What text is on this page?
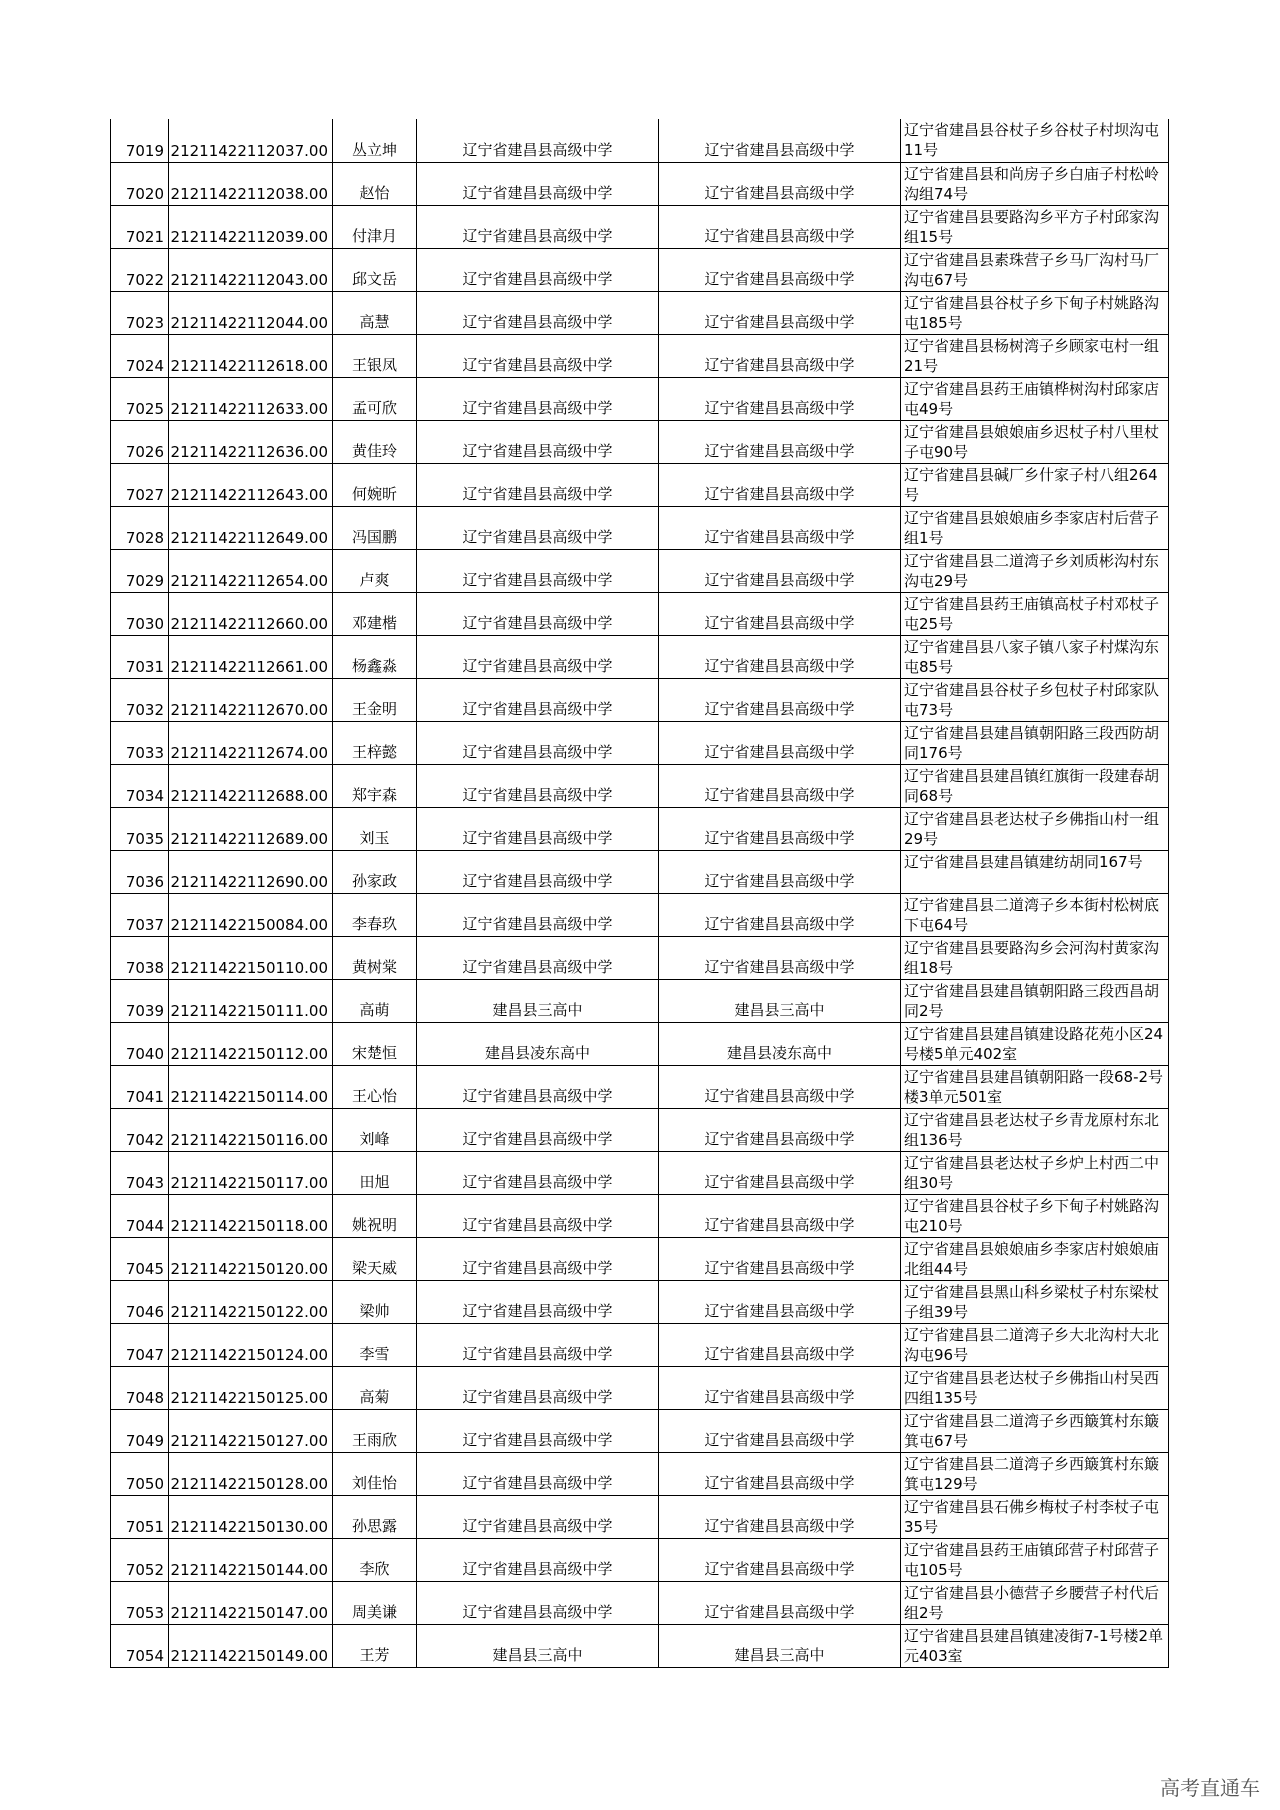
7019	21211422112037.00	丛立坤	辽宁省建昌县高级中学	辽宁省建昌县高级中学	辽宁省建昌县谷杖子乡谷杖子村坝沟屯11号
7020	21211422112038.00	赵怡	辽宁省建昌县高级中学	辽宁省建昌县高级中学	辽宁省建昌县和尚房子乡白庙子村松岭沟组74号
7021	21211422112039.00	付津月	辽宁省建昌县高级中学	辽宁省建昌县高级中学	辽宁省建昌县要路沟乡平方子村邱家沟组15号
7022	21211422112043.00	邱文岳	辽宁省建昌县高级中学	辽宁省建昌县高级中学	辽宁省建昌县素珠营子乡马厂沟村马厂沟屯67号
7023	21211422112044.00	高慧	辽宁省建昌县高级中学	辽宁省建昌县高级中学	辽宁省建昌县谷杖子乡下甸子村姚路沟屯185号
7024	21211422112618.00	王银凤	辽宁省建昌县高级中学	辽宁省建昌县高级中学	辽宁省建昌县杨树湾子乡顾家屯村一组21号
7025	21211422112633.00	孟可欣	辽宁省建昌县高级中学	辽宁省建昌县高级中学	辽宁省建昌县药王庙镇桦树沟村邱家店屯49号
7026	21211422112636.00	黄佳玲	辽宁省建昌县高级中学	辽宁省建昌县高级中学	辽宁省建昌县娘娘庙乡迟杖子村八里杖子屯90号
7027	21211422112643.00	何婉昕	辽宁省建昌县高级中学	辽宁省建昌县高级中学	辽宁省建昌县碱厂乡什家子村八组264号
7028	21211422112649.00	冯国鹏	辽宁省建昌县高级中学	辽宁省建昌县高级中学	辽宁省建昌县娘娘庙乡李家店村后营子组1号
7029	21211422112654.00	卢爽	辽宁省建昌县高级中学	辽宁省建昌县高级中学	辽宁省建昌县二道湾子乡刘质彬沟村东沟屯29号
7030	21211422112660.00	邓建楷	辽宁省建昌县高级中学	辽宁省建昌县高级中学	辽宁省建昌县药王庙镇高杖子村邓杖子屯25号
7031	21211422112661.00	杨鑫淼	辽宁省建昌县高级中学	辽宁省建昌县高级中学	辽宁省建昌县八家子镇八家子村煤沟东屯85号
7032	21211422112670.00	王金明	辽宁省建昌县高级中学	辽宁省建昌县高级中学	辽宁省建昌县谷杖子乡包杖子村邱家队屯73号
7033	21211422112674.00	王梓懿	辽宁省建昌县高级中学	辽宁省建昌县高级中学	辽宁省建昌县建昌镇朝阳路三段西防胡同176号
7034	21211422112688.00	郑宇森	辽宁省建昌县高级中学	辽宁省建昌县高级中学	辽宁省建昌县建昌镇红旗街一段建春胡同68号
7035	21211422112689.00	刘玉	辽宁省建昌县高级中学	辽宁省建昌县高级中学	辽宁省建昌县老达杖子乡佛指山村一组29号
7036	21211422112690.00	孙家政	辽宁省建昌县高级中学	辽宁省建昌县高级中学	辽宁省建昌县建昌镇建纺胡同167号
7037	21211422150084.00	李春玖	辽宁省建昌县高级中学	辽宁省建昌县高级中学	辽宁省建昌县二道湾子乡本街村松树底下屯64号
7038	21211422150110.00	黄树棠	辽宁省建昌县高级中学	辽宁省建昌县高级中学	辽宁省建昌县要路沟乡会河沟村黄家沟组18号
7039	21211422150111.00	高萌	建昌县三高中	建昌县三高中	辽宁省建昌县建昌镇朝阳路三段西昌胡同2号
7040	21211422150112.00	宋楚恒	建昌县凌东高中	建昌县凌东高中	辽宁省建昌县建昌镇建设路花苑小区24号楼5单元402室
7041	21211422150114.00	王心怡	辽宁省建昌县高级中学	辽宁省建昌县高级中学	辽宁省建昌县建昌镇朝阳路一段68-2号楼3单元501室
7042	21211422150116.00	刘峰	辽宁省建昌县高级中学	辽宁省建昌县高级中学	辽宁省建昌县老达杖子乡青龙原村东北组136号
7043	21211422150117.00	田旭	辽宁省建昌县高级中学	辽宁省建昌县高级中学	辽宁省建昌县老达杖子乡炉上村西二中组30号
7044	21211422150118.00	姚祝明	辽宁省建昌县高级中学	辽宁省建昌县高级中学	辽宁省建昌县谷杖子乡下甸子村姚路沟屯210号
7045	21211422150120.00	梁天威	辽宁省建昌县高级中学	辽宁省建昌县高级中学	辽宁省建昌县娘娘庙乡李家店村娘娘庙北组44号
7046	21211422150122.00	梁帅	辽宁省建昌县高级中学	辽宁省建昌县高级中学	辽宁省建昌县黑山科乡梁杖子村东梁杖子组39号
7047	21211422150124.00	李雪	辽宁省建昌县高级中学	辽宁省建昌县高级中学	辽宁省建昌县二道湾子乡大北沟村大北沟屯96号
7048	21211422150125.00	高菊	辽宁省建昌县高级中学	辽宁省建昌县高级中学	辽宁省建昌县老达杖子乡佛指山村吴西四组135号
7049	21211422150127.00	王雨欣	辽宁省建昌县高级中学	辽宁省建昌县高级中学	辽宁省建昌县二道湾子乡西簸箕村东簸箕屯67号
7050	21211422150128.00	刘佳怡	辽宁省建昌县高级中学	辽宁省建昌县高级中学	辽宁省建昌县二道湾子乡西簸箕村东簸箕屯129号
7051	21211422150130.00	孙思露	辽宁省建昌县高级中学	辽宁省建昌县高级中学	辽宁省建昌县石佛乡梅杖子村李杖子屯35号
7052	21211422150144.00	李欣	辽宁省建昌县高级中学	辽宁省建昌县高级中学	辽宁省建昌县药王庙镇邱营子村邱营子屯105号
7053	21211422150147.00	周美谦	辽宁省建昌县高级中学	辽宁省建昌县高级中学	辽宁省建昌县小德营子乡腰营子村代后组2号
7054	21211422150149.00	王芳	建昌县三高中	建昌县三高中	辽宁省建昌县建昌镇建凌街7-1号楼2单元403室
高考直通车
